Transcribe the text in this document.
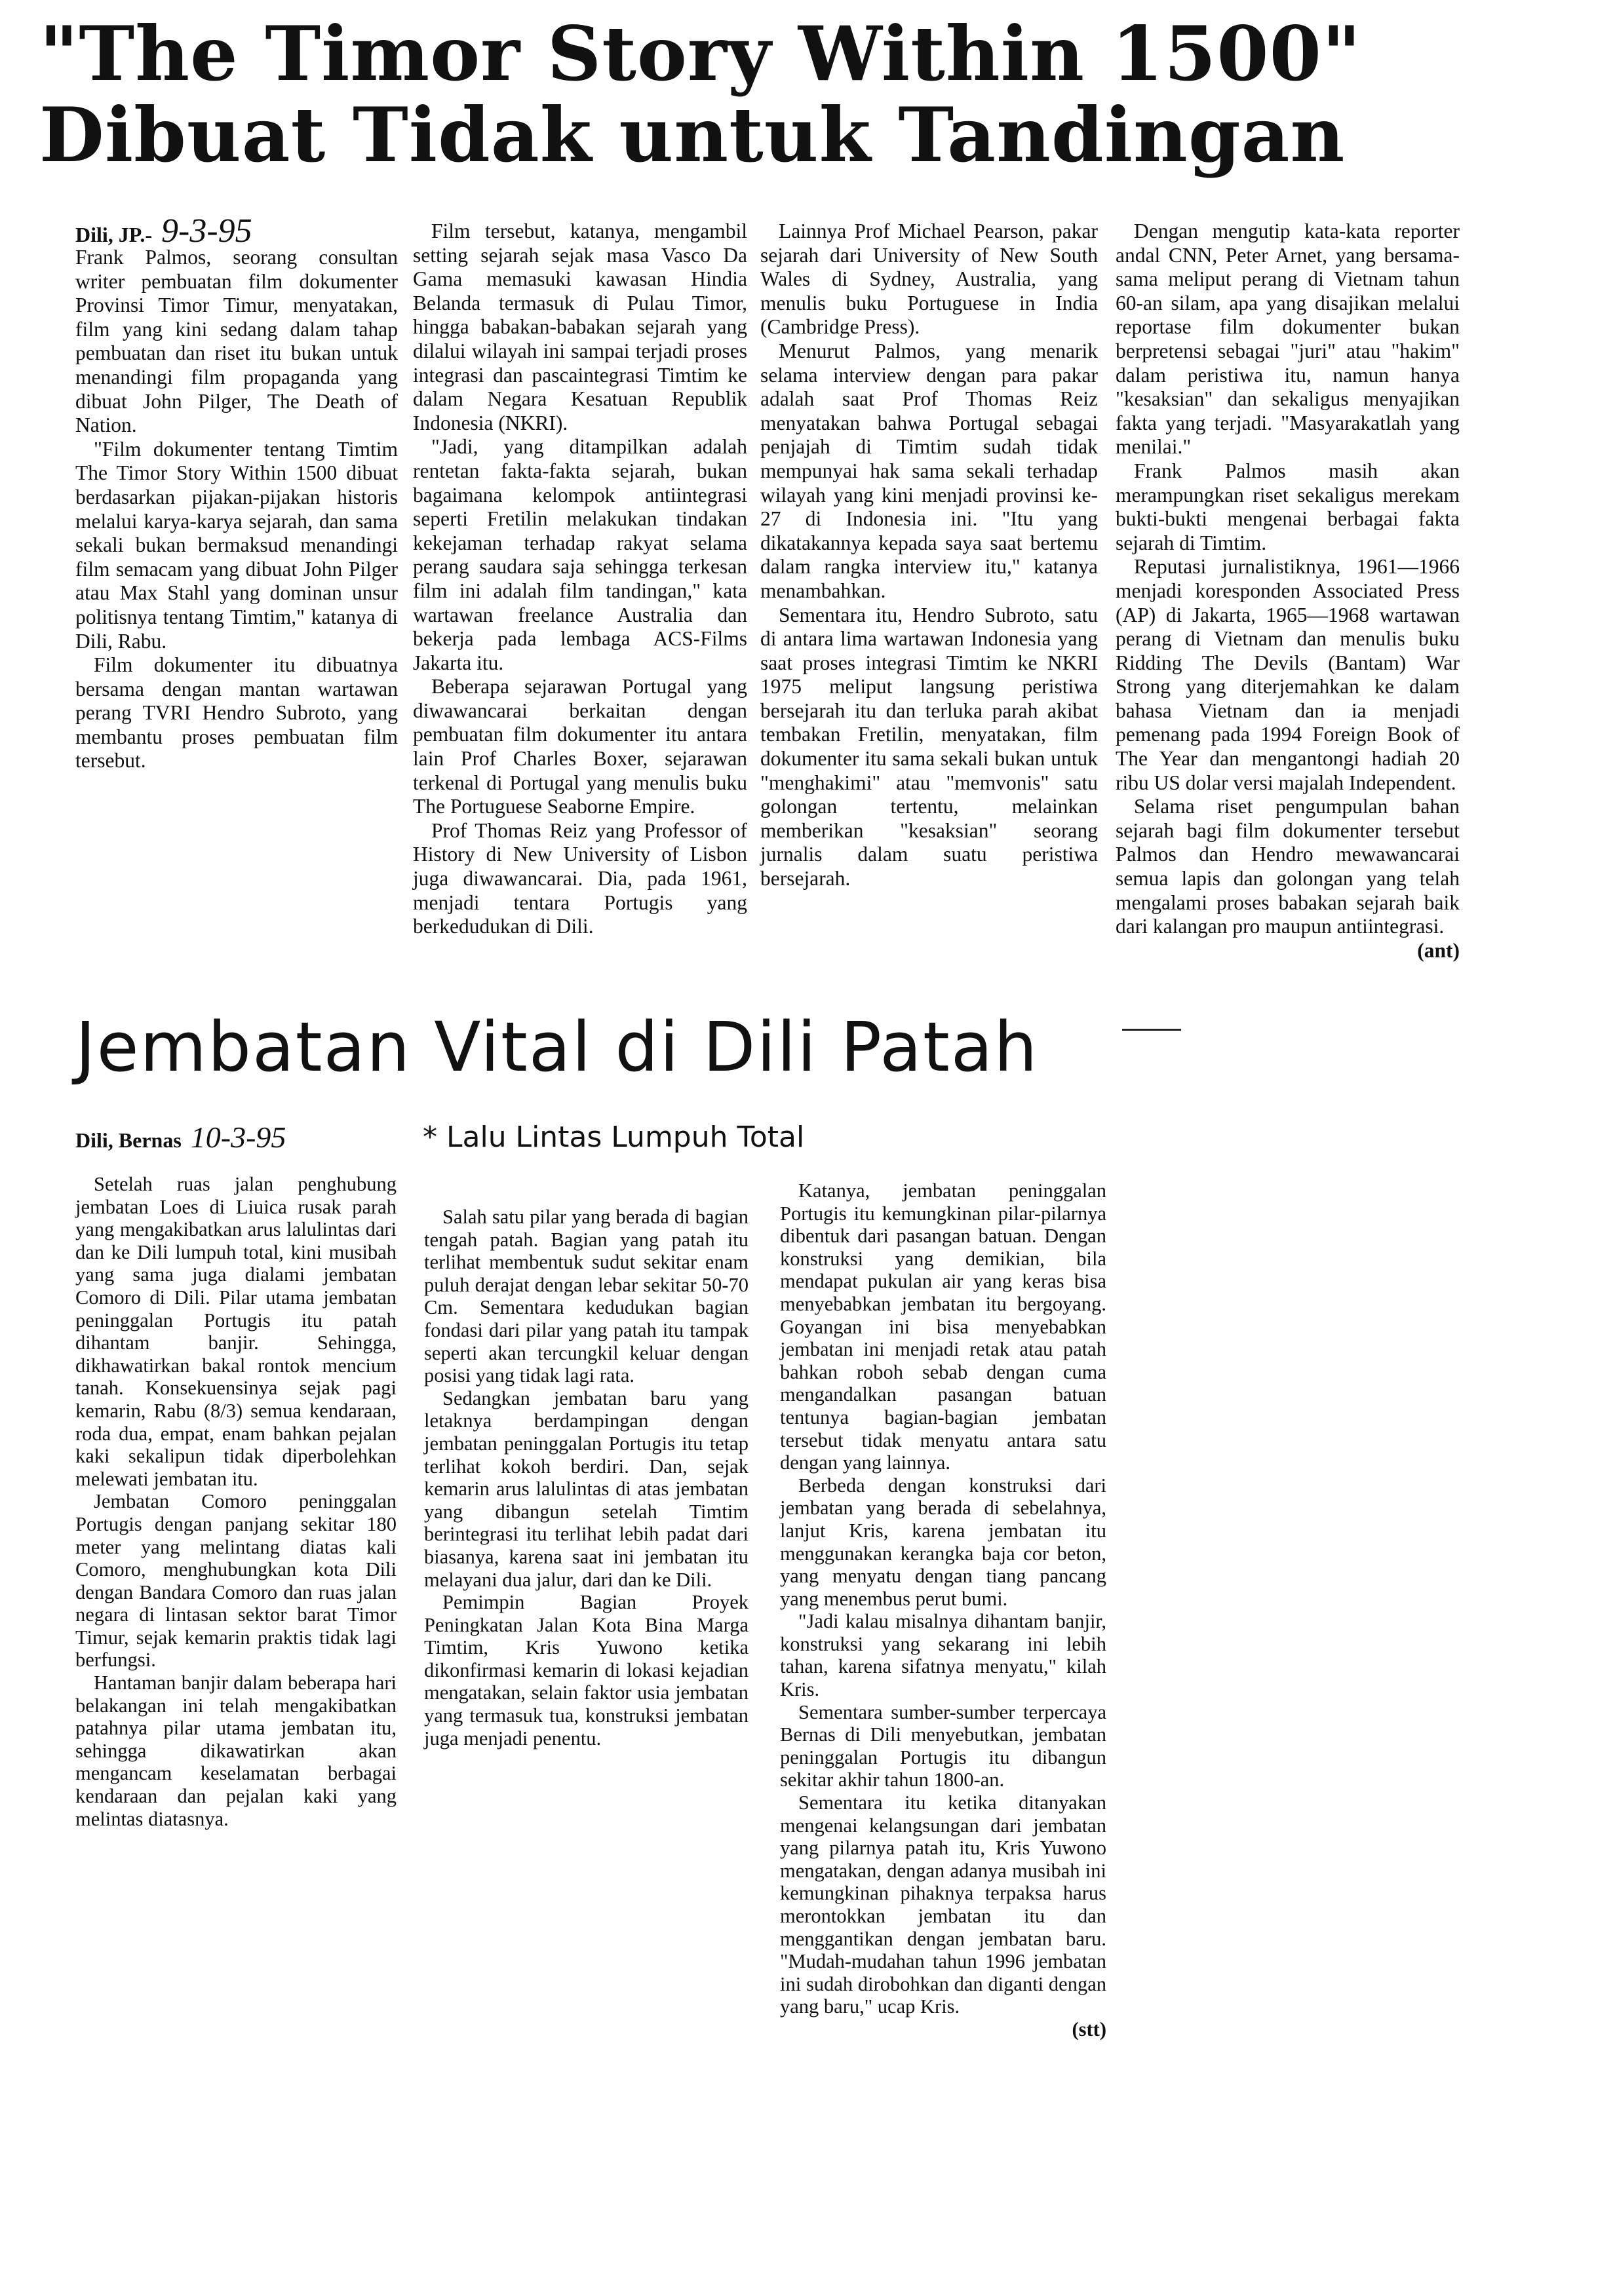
"The Timor Story Within 1500"
Dibuat Tidak untuk Tandingan
Dili, JP.- 9-3-95

Frank Palmos, seorang consultan writer pembuatan film dokumenter Provinsi Timor Timur, menyatakan, film yang kini sedang dalam tahap pembuatan dan riset itu bukan untuk menandingi film propaganda yang dibuat John Pilger, The Death of Nation.

"Film dokumenter tentang Timtim The Timor Story Within 1500 dibuat berdasarkan pijakan-pijakan historis melalui karya-karya sejarah, dan sama sekali bukan bermaksud menandingi film semacam yang dibuat John Pilger atau Max Stahl yang dominan unsur politisnya tentang Timtim," katanya di Dili, Rabu.

Film dokumenter itu dibuatnya bersama dengan mantan wartawan perang TVRI Hendro Subroto, yang membantu proses pembuatan film tersebut.

Film tersebut, katanya, mengambil setting sejarah sejak masa Vasco Da Gama memasuki kawasan Hindia Belanda termasuk di Pulau Timor, hingga babakan-babakan sejarah yang dilalui wilayah ini sampai terjadi proses integrasi dan pascaintegrasi Timtim ke dalam Negara Kesatuan Republik Indonesia (NKRI).

"Jadi, yang ditampilkan adalah rentetan fakta-fakta sejarah, bukan bagaimana kelompok antiintegrasi seperti Fretilin melakukan tindakan kekejaman terhadap rakyat selama perang saudara saja sehingga terkesan film ini adalah film tandingan," kata wartawan freelance Australia dan bekerja pada lembaga ACS-Films Jakarta itu.

Beberapa sejarawan Portugal yang diwawancarai berkaitan dengan pembuatan film dokumenter itu antara lain Prof Charles Boxer, sejarawan terkenal di Portugal yang menulis buku The Portuguese Seaborne Empire.

Prof Thomas Reiz yang Professor of History di New University of Lisbon juga diwawancarai. Dia, pada 1961, menjadi tentara Portugis yang berkedudukan di Dili.

Lainnya Prof Michael Pearson, pakar sejarah dari University of New South Wales di Sydney, Australia, yang menulis buku Portuguese in India (Cambridge Press).

Menurut Palmos, yang menarik selama interview dengan para pakar adalah saat Prof Thomas Reiz menyatakan bahwa Portugal sebagai penjajah di Timtim sudah tidak mempunyai hak sama sekali terhadap wilayah yang kini menjadi provinsi ke-27 di Indonesia ini. "Itu yang dikatakannya kepada saya saat bertemu dalam rangka interview itu," katanya menambahkan.

Sementara itu, Hendro Subroto, satu di antara lima wartawan Indonesia yang saat proses integrasi Timtim ke NKRI 1975 meliput langsung peristiwa bersejarah itu dan terluka parah akibat tembakan Fretilin, menyatakan, film dokumenter itu sama sekali bukan untuk "menghakimi" atau "memvonis" satu golongan tertentu, melainkan memberikan "kesaksian" seorang jurnalis dalam suatu peristiwa bersejarah.

Dengan mengutip kata-kata reporter andal CNN, Peter Arnet, yang bersama-sama meliput perang di Vietnam tahun 60-an silam, apa yang disajikan melalui reportase film dokumenter bukan berpretensi sebagai "juri" atau "hakim" dalam peristiwa itu, namun hanya "kesaksian" dan sekaligus menyajikan fakta yang terjadi. "Masyarakatlah yang menilai."

Frank Palmos masih akan merampungkan riset sekaligus merekam bukti-bukti mengenai berbagai fakta sejarah di Timtim.

Reputasi jurnalistiknya, 1961—1966 menjadi koresponden Associated Press (AP) di Jakarta, 1965—1968 wartawan perang di Vietnam dan menulis buku Ridding The Devils (Bantam) War Strong yang diterjemahkan ke dalam bahasa Vietnam dan ia menjadi pemenang pada 1994 Foreign Book of The Year dan mengantongi hadiah 20 ribu US dolar versi majalah Independent.

Selama riset pengumpulan bahan sejarah bagi film dokumenter tersebut Palmos dan Hendro mewawancarai semua lapis dan golongan yang telah mengalami proses babakan sejarah baik dari kalangan pro maupun antiintegrasi.

(ant)

Jembatan Vital di Dili Patah
Dili, Bernas 10-3-95	* Lalu Lintas Lumpuh Total

Setelah ruas jalan penghubung jembatan Loes di Liuica rusak parah yang mengakibatkan arus lalulintas dari dan ke Dili lumpuh total, kini musibah yang sama juga dialami jembatan Comoro di Dili. Pilar utama jembatan peninggalan Portugis itu patah dihantam banjir. Sehingga, dikhawatirkan bakal rontok mencium tanah. Konsekuensinya sejak pagi kemarin, Rabu (8/3) semua kendaraan, roda dua, empat, enam bahkan pejalan kaki sekalipun tidak diperbolehkan melewati jembatan itu.

Jembatan Comoro peninggalan Portugis dengan panjang sekitar 180 meter yang melintang diatas kali Comoro, menghubungkan kota Dili dengan Bandara Comoro dan ruas jalan negara di lintasan sektor barat Timor Timur, sejak kemarin praktis tidak lagi berfungsi.

Hantaman banjir dalam beberapa hari belakangan ini telah mengakibatkan patahnya pilar utama jembatan itu, sehingga dikawatirkan akan mengancam keselamatan berbagai kendaraan dan pejalan kaki yang melintas diatasnya.

Salah satu pilar yang berada di bagian tengah patah. Bagian yang patah itu terlihat membentuk sudut sekitar enam puluh derajat dengan lebar sekitar 50-70 Cm. Sementara kedudukan bagian fondasi dari pilar yang patah itu tampak seperti akan tercungkil keluar dengan posisi yang tidak lagi rata.

Sedangkan jembatan baru yang letaknya berdampingan dengan jembatan peninggalan Portugis itu tetap terlihat kokoh berdiri. Dan, sejak kemarin arus lalulintas di atas jembatan yang dibangun setelah Timtim berintegrasi itu terlihat lebih padat dari biasanya, karena saat ini jembatan itu melayani dua jalur, dari dan ke Dili.

Pemimpin Bagian Proyek Peningkatan Jalan Kota Bina Marga Timtim, Kris Yuwono ketika dikonfirmasi kemarin di lokasi kejadian mengatakan, selain faktor usia jembatan yang termasuk tua, konstruksi jembatan juga menjadi penentu.

Katanya, jembatan peninggalan Portugis itu kemungkinan pilar-pilarnya dibentuk dari pasangan batuan. Dengan konstruksi yang demikian, bila mendapat pukulan air yang keras bisa menyebabkan jembatan itu bergoyang. Goyangan ini bisa menyebabkan jembatan ini menjadi retak atau patah bahkan roboh sebab dengan cuma mengandalkan pasangan batuan tentunya bagian-bagian jembatan tersebut tidak menyatu antara satu dengan yang lainnya.

Berbeda dengan konstruksi dari jembatan yang berada di sebelahnya, lanjut Kris, karena jembatan itu menggunakan kerangka baja cor beton, yang menyatu dengan tiang pancang yang menembus perut bumi.

"Jadi kalau misalnya dihantam banjir, konstruksi yang sekarang ini lebih tahan, karena sifatnya menyatu," kilah Kris.

Sementara sumber-sumber terpercaya Bernas di Dili menyebutkan, jembatan peninggalan Portugis itu dibangun sekitar akhir tahun 1800-an.

Sementara itu ketika ditanyakan mengenai kelangsungan dari jembatan yang pilarnya patah itu, Kris Yuwono mengatakan, dengan adanya musibah ini kemungkinan pihaknya terpaksa harus merontokkan jembatan itu dan menggantikan dengan jembatan baru. "Mudah-mudahan tahun 1996 jembatan ini sudah dirobohkan dan diganti dengan yang baru," ucap Kris.

(stt)
